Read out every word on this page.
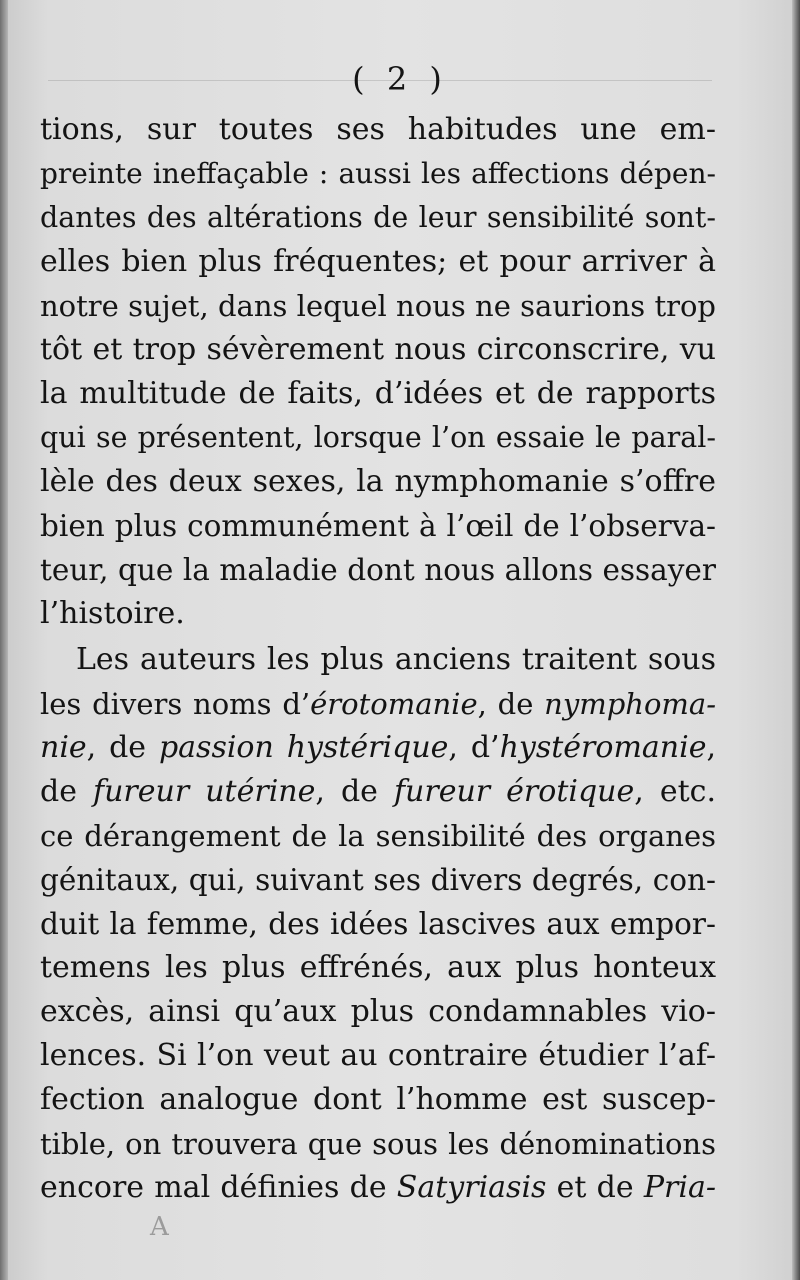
( 2 )
tions, sur toutes ses habitudes une em-
preinte ineffaçable : aussi les affections dépen-
dantes des altérations de leur sensibilité sont-
elles bien plus fréquentes; et pour arriver à
notre sujet, dans lequel nous ne saurions trop
tôt et trop sévèrement nous circonscrire, vu
la multitude de faits, d’idées et de rapports
qui se présentent, lorsque l’on essaie le paral-
lèle des deux sexes, la nymphomanie s’offre
bien plus communément à l’œil de l’observa-
teur, que la maladie dont nous allons essayer
l’histoire.
Les auteurs les plus anciens traitent sous
les divers noms d’érotomanie, de nymphoma-
nie, de passion hystérique, d’hystéromanie,
de fureur utérine, de fureur érotique, etc.
ce dérangement de la sensibilité des organes
génitaux, qui, suivant ses divers degrés, con-
duit la femme, des idées lascives aux empor-
temens les plus effrénés, aux plus honteux
excès, ainsi qu’aux plus condamnables vio-
lences. Si l’on veut au contraire étudier l’af-
fection analogue dont l’homme est suscep-
tible, on trouvera que sous les dénominations
encore mal définies de Satyriasis et de Pria-
A
